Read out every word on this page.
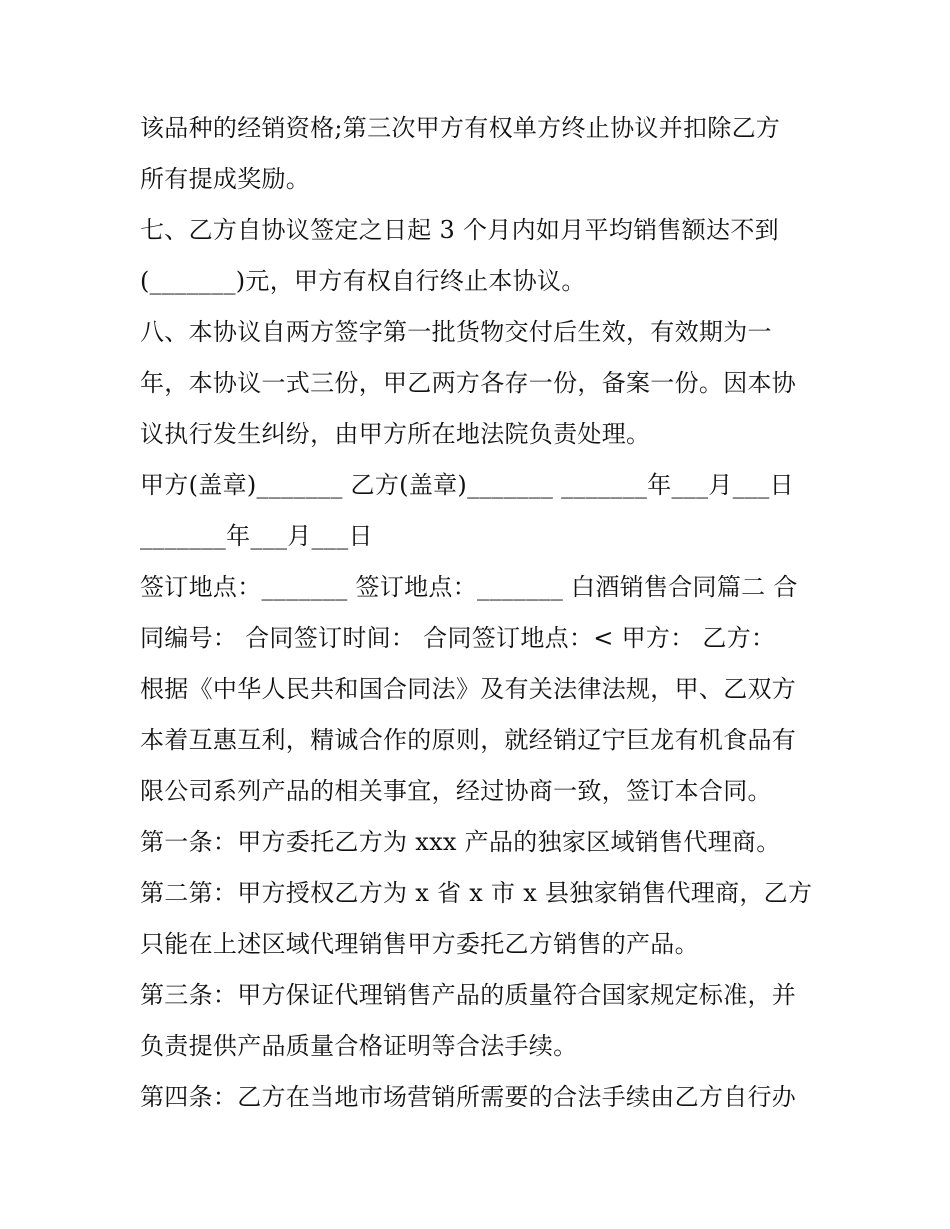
该品种的经销资格;第三次甲方有权单方终止协议并扣除乙方
所有提成奖励。
七、乙方自协议签定之日起 3 个月内如月平均销售额达不到
(_______)元，甲方有权自行终止本协议。
八、本协议自两方签字第一批货物交付后生效，有效期为一
年，本协议一式三份，甲乙两方各存一份，备案一份。因本协
议执行发生纠纷，由甲方所在地法院负责处理。
甲方(盖章)_______ 乙方(盖章)_______ _______年___月___日
_______年___月___日
签订地点：_______ 签订地点：_______ 白酒销售合同篇二 合
同编号： 合同签订时间： 合同签订地点：< 甲方： 乙方：
根据《中华人民共和国合同法》及有关法律法规，甲、乙双方
本着互惠互利，精诚合作的原则，就经销辽宁巨龙有机食品有
限公司系列产品的相关事宜，经过协商一致，签订本合同。
第一条：甲方委托乙方为 xxx 产品的独家区域销售代理商。
第二第：甲方授权乙方为 x 省 x 市 x 县独家销售代理商，乙方
只能在上述区域代理销售甲方委托乙方销售的产品。
第三条：甲方保证代理销售产品的质量符合国家规定标准，并
负责提供产品质量合格证明等合法手续。
第四条：乙方在当地市场营销所需要的合法手续由乙方自行办
